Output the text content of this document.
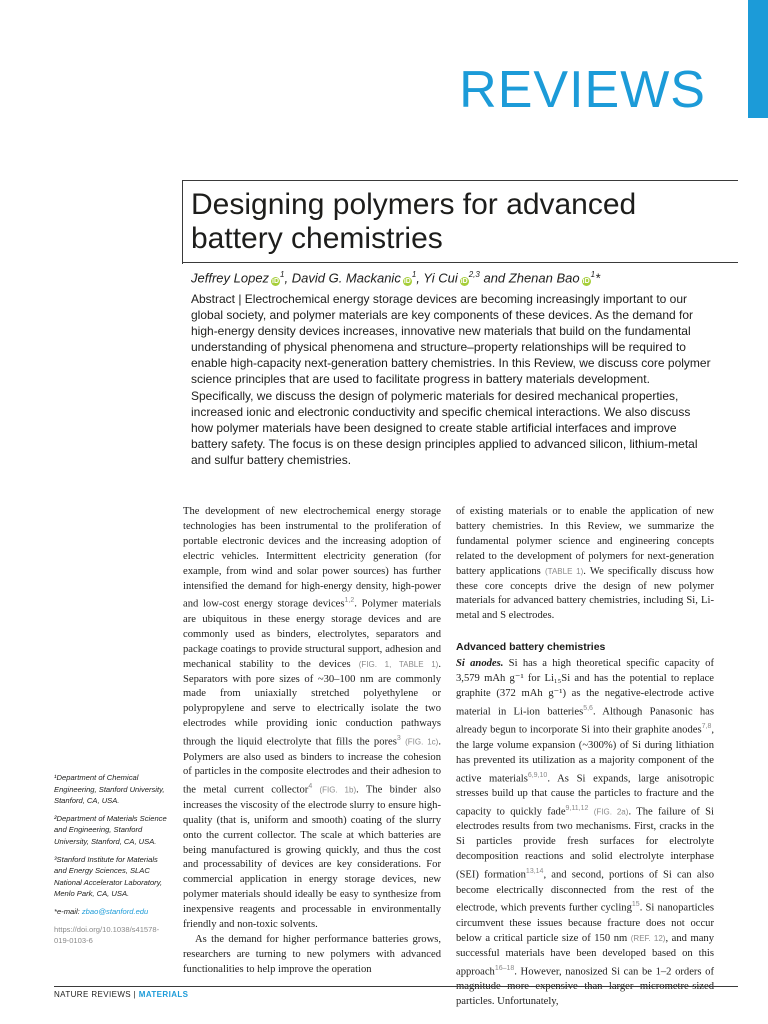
REVIEWS
Designing polymers for advanced
battery chemistries
Jeffrey Lopez $iD^1$, David G. Mackanic $iD^1$, Yi Cui iD$^{2,3}$ and Zhenan Bao $iD^1*$

Abstract | Electrochemical energy storage devices are becoming increasingly important to our global society, and polymer materials are key components of these devices. As the demand for high-energy density devices increases, innovative new materials that build on the fundamental understanding of physical phenomena and structure–property relationships will be required to enable high-capacity next-generation battery chemistries. In this Review, we discuss core polymer science principles that are used to facilitate progress in battery materials development. Specifically, we discuss the design of polymeric materials for desired mechanical properties, increased ionic and electronic conductivity and specific chemical interactions. We also discuss how polymer materials have been designed to create stable artificial interfaces and improve battery safety. The focus is on these design principles applied to advanced silicon, lithium-metal and sulfur battery chemistries.

The development of new electrochemical energy storage technologies has been instrumental to the proliferation of portable electronic devices and the increasing adoption of electric vehicles. Intermittent electricity generation (for example, from wind and solar power sources) has further intensified the demand for high-energy density, high-power and low-cost energy storage devices$^{1,2}$. Polymer materials are ubiquitous in these energy storage devices and are commonly used as binders, electrolytes, separators and package coatings to provide structural support, adhesion and mechanical stability to the devices (FIG. 1, TABLE 1). Separators with pore sizes of ~30–100 nm are commonly made from uniaxially stretched polyethylene or polypropylene and serve to electrically isolate the two electrodes while providing ionic conduction pathways through the liquid electrolyte that fills the pores$^3$ (FIG. 1c). Polymers are also used as binders to increase the cohesion of particles in the composite electrodes and their adhesion to the metal current collector$^4$ (FIG. 1b). The binder also increases the viscosity of the electrode slurry to ensure high-quality (that is, uniform and smooth) coating of the slurry onto the current collector. The scale at which batteries are being manufactured is growing quickly, and thus the cost and processability of devices are key considerations. For commercial application in energy storage devices, new polymer materials should ideally be easy to synthesize from inexpensive reagents and processable in environmentally friendly and non-toxic solvents.

As the demand for higher performance batteries grows, researchers are turning to new polymers with advanced functionalities to help improve the operation

of existing materials or to enable the application of new battery chemistries. In this Review, we summarize the fundamental polymer science and engineering concepts related to the development of polymers for next-generation battery applications (TABLE 1). We specifically discuss how these core concepts drive the design of new polymer materials for advanced battery chemistries, including Si, Li-metal and S electrodes.

Advanced battery chemistries

Si anodes. Si has a high theoretical specific capacity of 3,579 mAh g⁻¹ for Li₁₅Si and has the potential to replace graphite (372 mAh g⁻¹) as the negative-electrode active material in Li-ion batteries$^{5,6}$. Although Panasonic has already begun to incorporate Si into their graphite anodes$^{7,8}$, the large volume expansion (~300%) of Si during lithiation has prevented its utilization as a majority component of the active materials$^{6,9,10}$. As Si expands, large anisotropic stresses build up that cause the particles to fracture and the capacity to quickly fade$^{9,11,12}$ (FIG. 2a). The failure of Si electrodes results from two mechanisms. First, cracks in the Si particles provide fresh surfaces for electrolyte decomposition reactions and solid electrolyte interphase (SEI) formation$^{13,14}$, and second, portions of Si can also become electrically disconnected from the rest of the electrode, which prevents further cycling$^{15}$. Si nanoparticles circumvent these issues because fracture does not occur below a critical particle size of 150 nm (REF. 12), and many successful materials have been developed based on this approach$^{16-18}$. However, nanosized Si can be 1–2 orders of particles. Unfortunately,

¹Department of Chemical Engineering, Stanford University, Stanford, CA, USA.

²Department of Materials Science and Engineering, Stanford University, Stanford, CA, USA.

³Stanford Institute for Materials and Energy Sciences, SLAC National Accelerator Laboratory, Menlo Park, CA, USA.

*e-mail: zbao@stanford.edu

https://doi.org/10.1038/s41578-019-0103-6

NATURE REVIEWS | MATERIALS
